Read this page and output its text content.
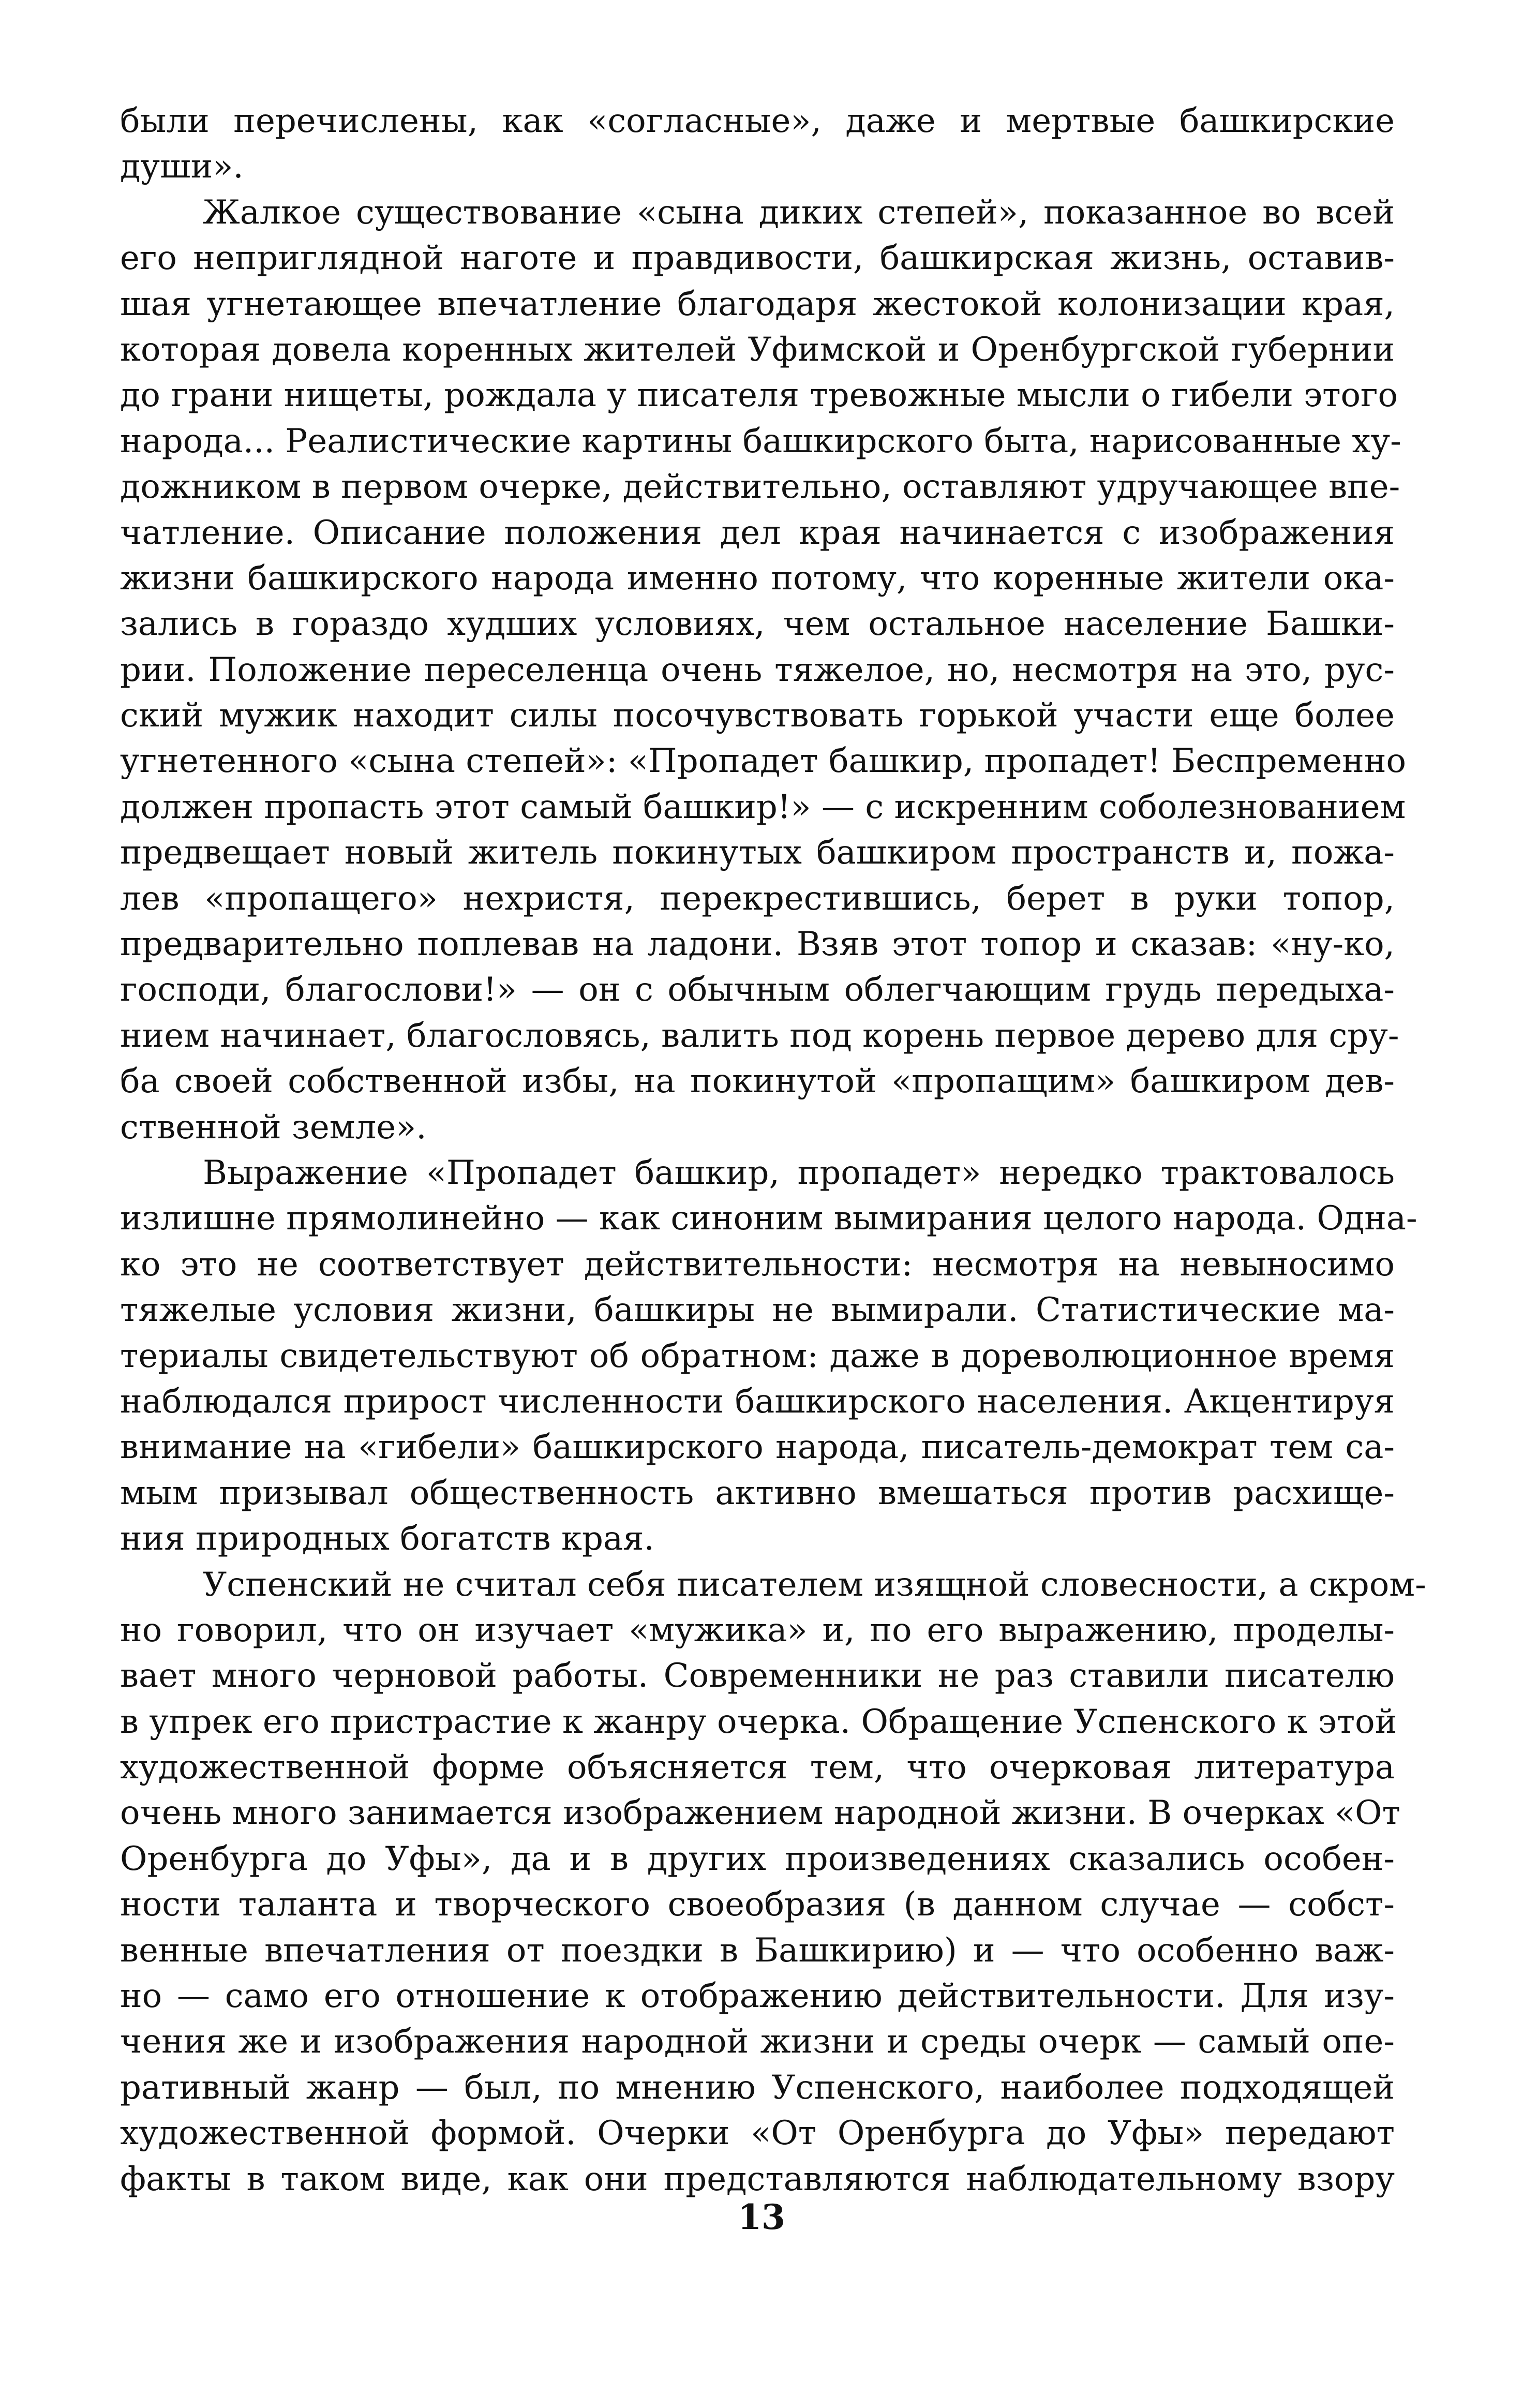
были перечислены, как «согласные», даже и мертвые башкирские
души».
Жалкое существование «сына диких степей», показанное во всей
его неприглядной наготе и правдивости, башкирская жизнь, оставив-
шая угнетающее впечатление благодаря жестокой колонизации края,
которая довела коренных жителей Уфимской и Оренбургской губернии
до грани нищеты, рождала у писателя тревожные мысли о гибели этого
народа... Реалистические картины башкирского быта, нарисованные ху-
дожником в первом очерке, действительно, оставляют удручающее впе-
чатление. Описание положения дел края начинается с изображения
жизни башкирского народа именно потому, что коренные жители ока-
зались в гораздо худших условиях, чем остальное население Башки-
рии. Положение переселенца очень тяжелое, но, несмотря на это, рус-
ский мужик находит силы посочувствовать горькой участи еще более
угнетенного «сына степей»: «Пропадет башкир, пропадет! Беспременно
должен пропасть этот самый башкир!» — с искренним соболезнованием
предвещает новый житель покинутых башкиром пространств и, пожа-
лев «пропащего» нехристя, перекрестившись, берет в руки топор,
предварительно поплевав на ладони. Взяв этот топор и сказав: «ну-ко,
господи, благослови!» — он с обычным облегчающим грудь передыха-
нием начинает, благословясь, валить под корень первое дерево для сру-
ба своей собственной избы, на покинутой «пропащим» башкиром дев-
ственной земле».
Выражение «Пропадет башкир, пропадет» нередко трактовалось
излишне прямолинейно — как синоним вымирания целого народа. Одна-
ко это не соответствует действительности: несмотря на невыносимо
тяжелые условия жизни, башкиры не вымирали. Статистические ма-
териалы свидетельствуют об обратном: даже в дореволюционное время
наблюдался прирост численности башкирского населения. Акцентируя
внимание на «гибели» башкирского народа, писатель-демократ тем са-
мым призывал общественность активно вмешаться против расхище-
ния природных богатств края.
Успенский не считал себя писателем изящной словесности, а скром-
но говорил, что он изучает «мужика» и, по его выражению, проделы-
вает много черновой работы. Современники не раз ставили писателю
в упрек его пристрастие к жанру очерка. Обращение Успенского к этой
художественной форме объясняется тем, что очерковая литература
очень много занимается изображением народной жизни. В очерках «От
Оренбурга до Уфы», да и в других произведениях сказались особен-
ности таланта и творческого своеобразия (в данном случае — собст-
венные впечатления от поездки в Башкирию) и — что особенно важ-
но — само его отношение к отображению действительности. Для изу-
чения же и изображения народной жизни и среды очерк — самый опе-
ративный жанр — был, по мнению Успенского, наиболее подходящей
художественной формой. Очерки «От Оренбурга до Уфы» передают
факты в таком виде, как они представляются наблюдательному взору
13
